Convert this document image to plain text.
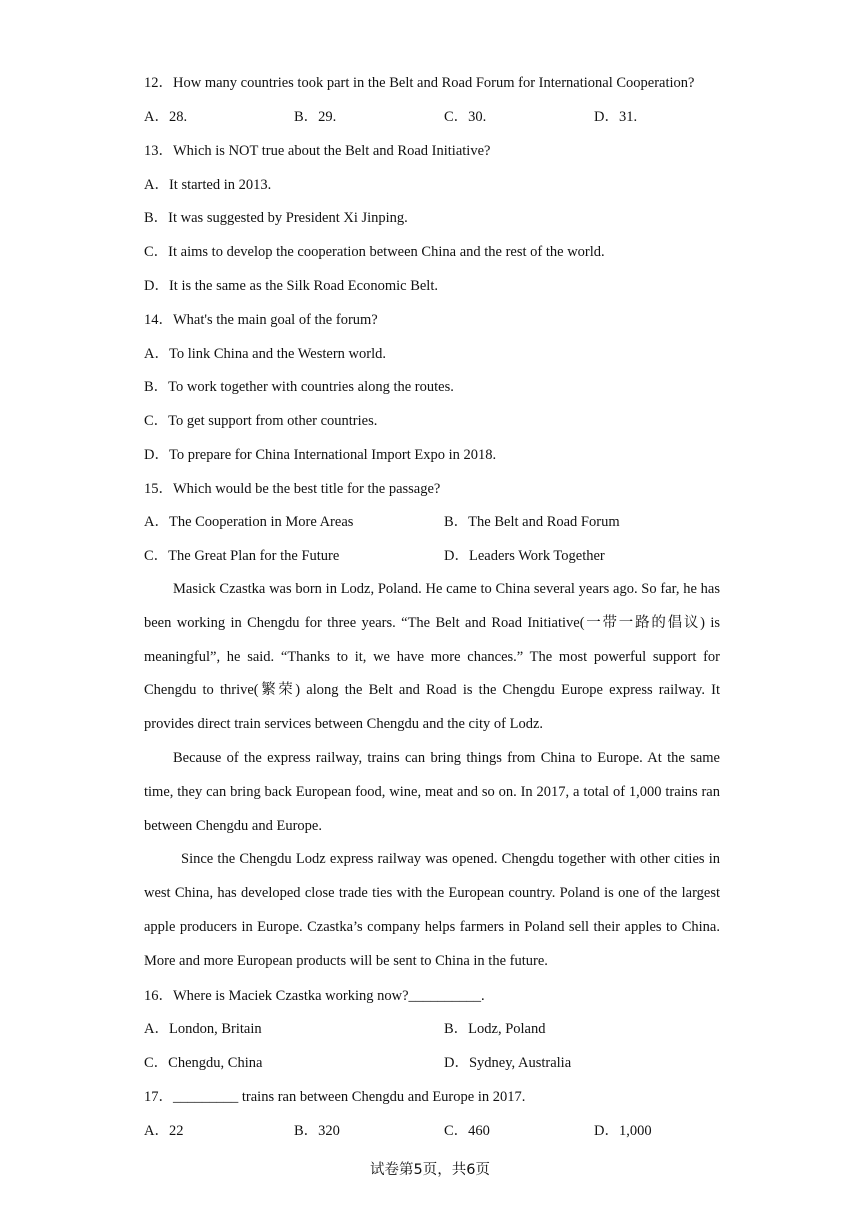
12．How many countries took part in the Belt and Road Forum for International Cooperation?
A．28.	B．29.	C．30.	D．31.
13．Which is NOT true about the Belt and Road Initiative?
A．It started in 2013.
B．It was suggested by President Xi Jinping.
C．It aims to develop the cooperation between China and the rest of the world.
D．It is the same as the Silk Road Economic Belt.
14．What's the main goal of the forum?
A．To link China and the Western world.
B．To work together with countries along the routes.
C．To get support from other countries.
D．To prepare for China International Import Expo in 2018.
15．Which would be the best title for the passage?
A．The Cooperation in More Areas	B．The Belt and Road Forum
C．The Great Plan for the Future	D．Leaders Work Together
Masick Czastka was born in Lodz, Poland. He came to China several years ago. So far, he has been working in Chengdu for three years. “The Belt and Road Initiative(一带一路的倡议) is meaningful”, he said. “Thanks to it, we have more chances.” The most powerful support for Chengdu to thrive(繁荣) along the Belt and Road is the Chengdu Europe express railway. It provides direct train services between Chengdu and the city of Lodz.
Because of the express railway, trains can bring things from China to Europe. At the same time, they can bring back European food, wine, meat and so on. In 2017, a total of 1,000 trains ran between Chengdu and Europe.
Since the Chengdu Lodz express railway was opened. Chengdu together with other cities in west China, has developed close trade ties with the European country. Poland is one of the largest apple producers in Europe. Czastka’s company helps farmers in Poland sell their apples to China. More and more European products will be sent to China in the future.
16．Where is Maciek Czastka working now?__________.
A．London, Britain	B．Lodz, Poland
C．Chengdu, China	D．Sydney, Australia
17．_________ trains ran between Chengdu and Europe in 2017.
A．22	B．320	C．460	D．1,000
试卷第5页，共6页
